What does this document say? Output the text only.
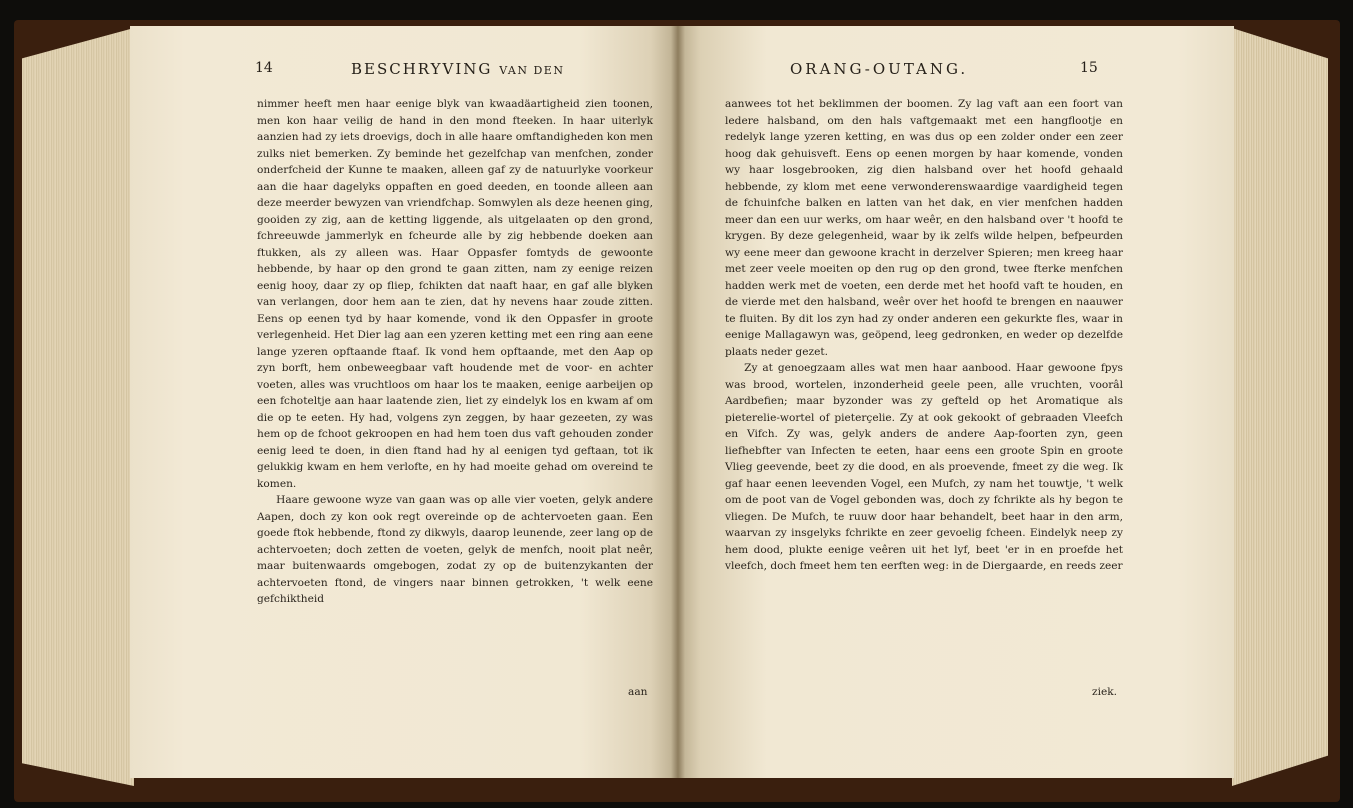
14	BESCHRYVING VAN DEN

nimmer heeft men haar eenige blyk van kwaadäartigheid zien toonen, men kon haar veilig de hand in den mond fteeken. In haar uiterlyk aanzien had zy iets droevigs, doch in alle haare omftandigheden kon men zulks niet bemerken. Zy beminde het gezelfchap van menfchen, zonder onderfcheid der Kunne te maaken, alleen gaf zy de natuurlyke voorkeur aan die haar dagelyks oppaften en goed deeden, en toonde alleen aan deze meerder bewyzen van vriendfchap. Somwylen als deze heenen ging, gooiden zy zig, aan de ketting liggende, als uitgelaaten op den grond, fchreeuwde jammerlyk en fcheurde alle by zig hebbende doeken aan ftukken, als zy alleen was. Haar Oppasfer fomtyds de gewoonte hebbende, by haar op den grond te gaan zitten, nam zy eenige reizen eenig hooy, daar zy op fliep, fchikten dat naaft haar, en gaf alle blyken van verlangen, door hem aan te zien, dat hy nevens haar zoude zitten. Eens op eenen tyd by haar komende, vond ik den Oppasfer in groote verlegenheid. Het Dier lag aan een yzeren ketting met een ring aan eene lange yzeren opftaande ftaaf. Ik vond hem opftaande, met den Aap op zyn borft, hem onbeweegbaar vaft houdende met de voor- en achter voeten, alles was vruchtloos om haar los te maaken, eenige aarbeijen op een fchoteltje aan haar laatende zien, liet zy eindelyk los en kwam af om die op te eeten. Hy had, volgens zyn zeggen, by haar gezeeten, zy was hem op de fchoot gekroopen en had hem toen dus vaft gehouden zonder eenig leed te doen, in dien ftand had hy al eenigen tyd geftaan, tot ik gelukkig kwam en hem verlofte, en hy had moeite gehad om overeind te komen.

Haare gewoone wyze van gaan was op alle vier voeten, gelyk andere Aapen, doch zy kon ook regt overeinde op de achtervoeten gaan. Een goede ftok hebbende, ftond zy dikwyls, daarop leunende, zeer lang op de achtervoeten; doch zetten de voeten, gelyk de menfch, nooit plat neêr, maar buitenwaards omgebogen, zodat zy op de buitenzykanten der achtervoeten ftond, de vingers naar binnen getrokken, 't welk eene gefchiktheid

aan
ORANG-OUTANG.	15

aanwees tot het beklimmen der boomen. Zy lag vaft aan een foort van ledere halsband, om den hals vaftgemaakt met een hangflootje en redelyk lange yzeren ketting, en was dus op een zolder onder een zeer hoog dak gehuisveft. Eens op eenen morgen by haar komende, vonden wy haar losgebrooken, zig dien halsband over het hoofd gehaald hebbende, zy klom met eene verwonderenswaardige vaardigheid tegen de fchuinfche balken en latten van het dak, en vier menfchen hadden meer dan een uur werks, om haar weêr, en den halsband over 't hoofd te krygen. By deze gelegenheid, waar by ik zelfs wilde helpen, befpeurden wy eene meer dan gewoone kracht in derzelver Spieren; men kreeg haar met zeer veele moeiten op den rug op den grond, twee fterke menfchen hadden werk met de voeten, een derde met het hoofd vaft te houden, en de vierde met den halsband, weêr over het hoofd te brengen en naauwer te fluiten. By dit los zyn had zy onder anderen een gekurkte fles, waar in eenige Mallagawyn was, geöpend, leeg gedronken, en weder op dezelfde plaats neder gezet.

Zy at genoegzaam alles wat men haar aanbood. Haar gewoone fpys was brood, wortelen, inzonderheid geele peen, alle vruchten, voorâl Aardbefien; maar byzonder was zy gefteld op het Aromatique als pieterelie-wortel of pieterçelie. Zy at ook gekookt of gebraaden Vleefch en Vifch. Zy was, gelyk anders de andere Aap-foorten zyn, geen liefhebfter van Infecten te eeten, haar eens een groote Spin en groote Vlieg geevende, beet zy die dood, en als proevende, fmeet zy die weg. Ik gaf haar eenen leevenden Vogel, een Mufch, zy nam het touwtje, 't welk om de poot van de Vogel gebonden was, doch zy fchrikte als hy begon te vliegen. De Mufch, te ruuw door haar behandelt, beet haar in den arm, waarvan zy insgelyks fchrikte en zeer gevoelig fcheen. Eindelyk neep zy hem dood, plukte eenige veêren uit het lyf, beet 'er in en proefde het vleefch, doch fmeet hem ten eerften weg: in de Diergaarde, en reeds zeer

ziek.
